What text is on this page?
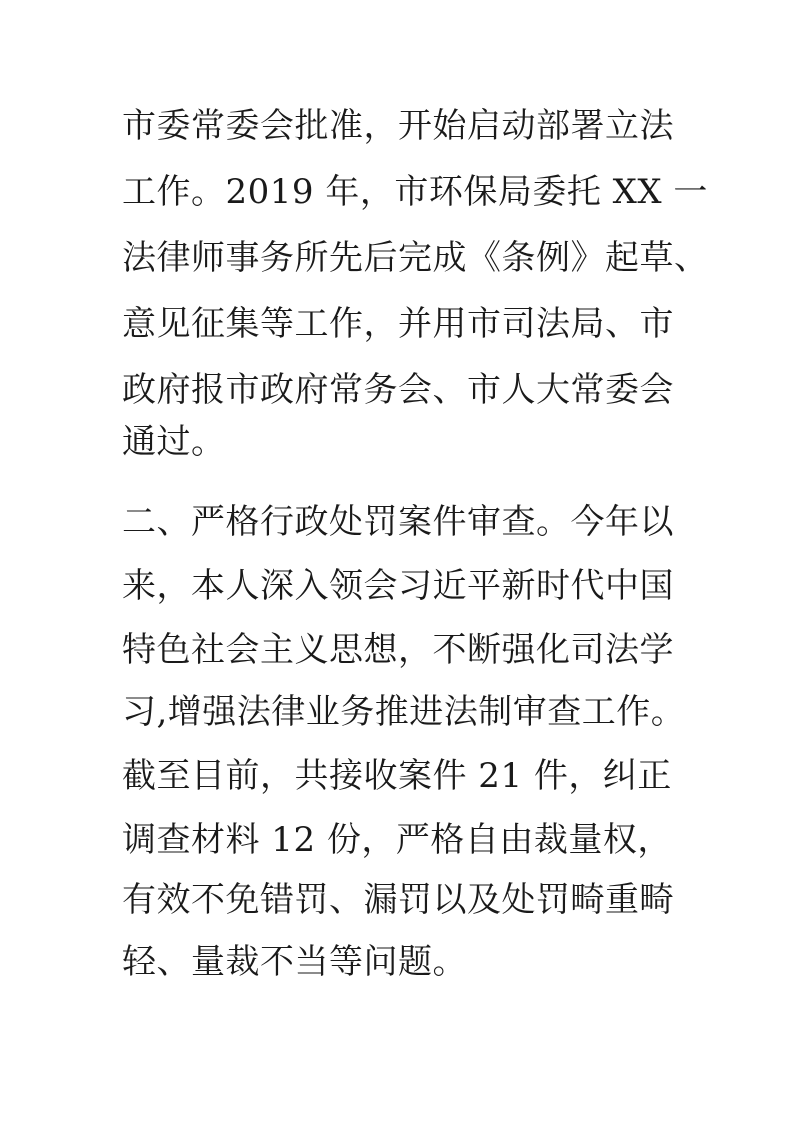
市委常委会批准，开始启动部署立法
工作。2019 年，市环保局委托 XX 一
法律师事务所先后完成《条例》起草、
意见征集等工作，并用市司法局、市
政府报市政府常务会、市人大常委会
通过。
二、严格行政处罚案件审查。今年以
来，本人深入领会习近平新时代中国
特色社会主义思想，不断强化司法学
习,增强法律业务推进法制审查工作。
截至目前，共接收案件 21 件，纠正
调查材料 12 份，严格自由裁量权，
有效不免错罚、漏罚以及处罚畸重畸
轻、量裁不当等问题。
